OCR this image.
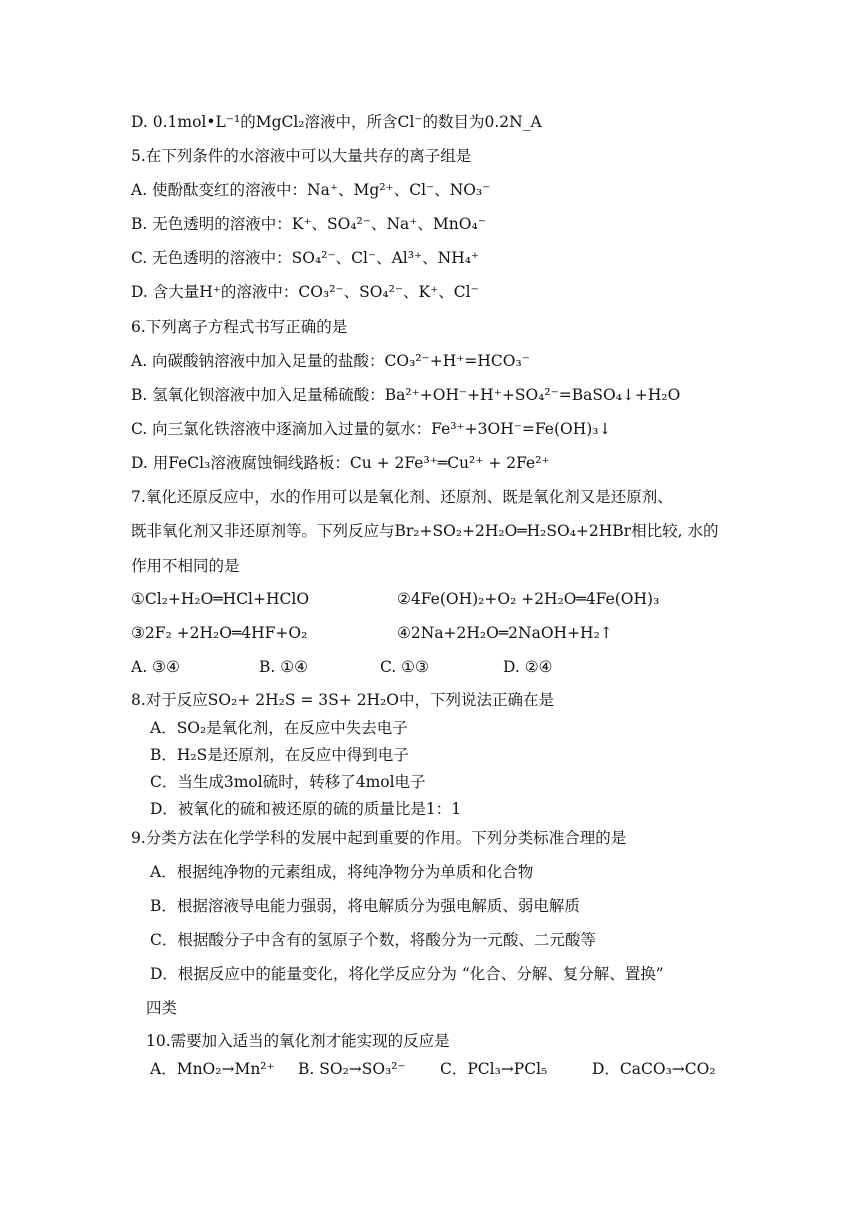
D. 0.1mol•L⁻¹的MgCl₂溶液中，所含Cl⁻的数目为0.2N_A
5.在下列条件的水溶液中可以大量共存的离子组是
A. 使酚酞变红的溶液中：Na⁺、Mg²⁺、Cl⁻、NO₃⁻
B. 无色透明的溶液中：K⁺、SO₄²⁻、Na⁺、MnO₄⁻
C. 无色透明的溶液中：SO₄²⁻、Cl⁻、Al³⁺、NH₄⁺
D. 含大量H⁺的溶液中：CO₃²⁻、SO₄²⁻、K⁺、Cl⁻
6.下列离子方程式书写正确的是
A. 向碳酸钠溶液中加入足量的盐酸：CO₃²⁻+H⁺=HCO₃⁻
B. 氢氧化钡溶液中加入足量稀硫酸：Ba²⁺+OH⁻+H⁺+SO₄²⁻=BaSO₄↓+H₂O
C. 向三氯化铁溶液中逐滴加入过量的氨水：Fe³⁺+3OH⁻=Fe(OH)₃↓
D. 用FeCl₃溶液腐蚀铜线路板：Cu + 2Fe³⁺═Cu²⁺ + 2Fe²⁺
7.氧化还原反应中，水的作用可以是氧化剂、还原剂、既是氧化剂又是还原剂、
既非氧化剂又非还原剂等。下列反应与Br₂+SO₂+2H₂O═H₂SO₄+2HBr相比较, 水的
作用不相同的是
①Cl₂+H₂O═HCl+HClO	②4Fe(OH)₂+O₂ +2H₂O═4Fe(OH)₃
③2F₂ +2H₂O═4HF+O₂	④2Na+2H₂O═2NaOH+H₂↑
A. ③④	B. ①④	C. ①③	D. ②④
8.对于反应SO₂+ 2H₂S = 3S+ 2H₂O中，下列说法正确在是
A．SO₂是氧化剂，在反应中失去电子
B．H₂S是还原剂，在反应中得到电子
C．当生成3mol硫时，转移了4mol电子
D．被氧化的硫和被还原的硫的质量比是1：1
9.分类方法在化学学科的发展中起到重要的作用。下列分类标准合理的是
A．根据纯净物的元素组成，将纯净物分为单质和化合物
B．根据溶液导电能力强弱，将电解质分为强电解质、弱电解质
C．根据酸分子中含有的氢原子个数，将酸分为一元酸、二元酸等
D．根据反应中的能量变化，将化学反应分为 “化合、分解、复分解、置换”
四类
10.需要加入适当的氧化剂才能实现的反应是
A．MnO₂→Mn²⁺ B. SO₂→SO₃²⁻ C．PCl₃→PCl₅	D．CaCO₃→CO₂
